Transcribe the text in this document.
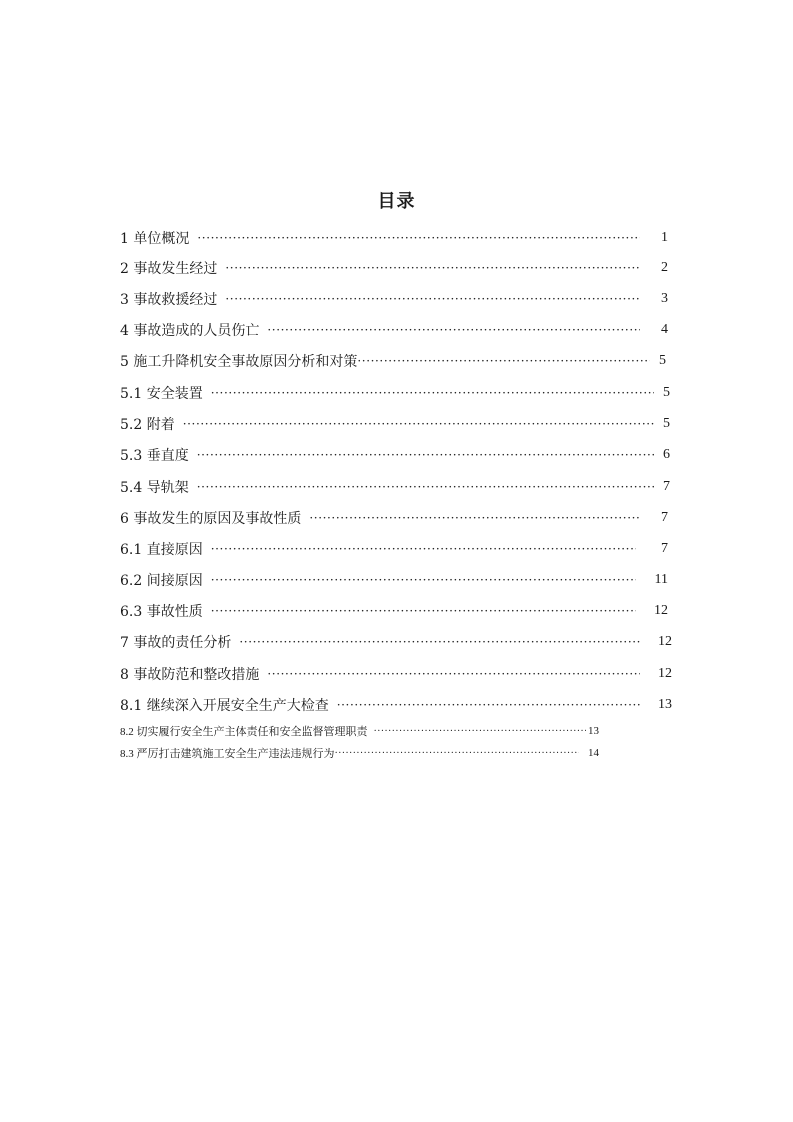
目录
1 单位概况 ·····	1
2 事故发生经过 ·····	2
3 事故救援经过 ·····	3
4 事故造成的人员伤亡 ·····	4
5 施工升降机安全事故原因分析和对策 ·····	5
5.1 安全装置 ·····	5
5.2 附着 ·····	5
5.3 垂直度 ·····	6
5.4 导轨架 ·····	7
6 事故发生的原因及事故性质 ·····	7
6.1 直接原因 ·····	7
6.2 间接原因 ·····	11
6.3 事故性质 ·····	12
7 事故的责任分析 ·····	12
8 事故防范和整改措施 ·····	12
8.1 继续深入开展安全生产大检查 ·····	13
8.2 切实履行安全生产主体责任和安全监督管理职责 ·····	13
8.3 严厉打击建筑施工安全生产违法违规行为 ·····	14
